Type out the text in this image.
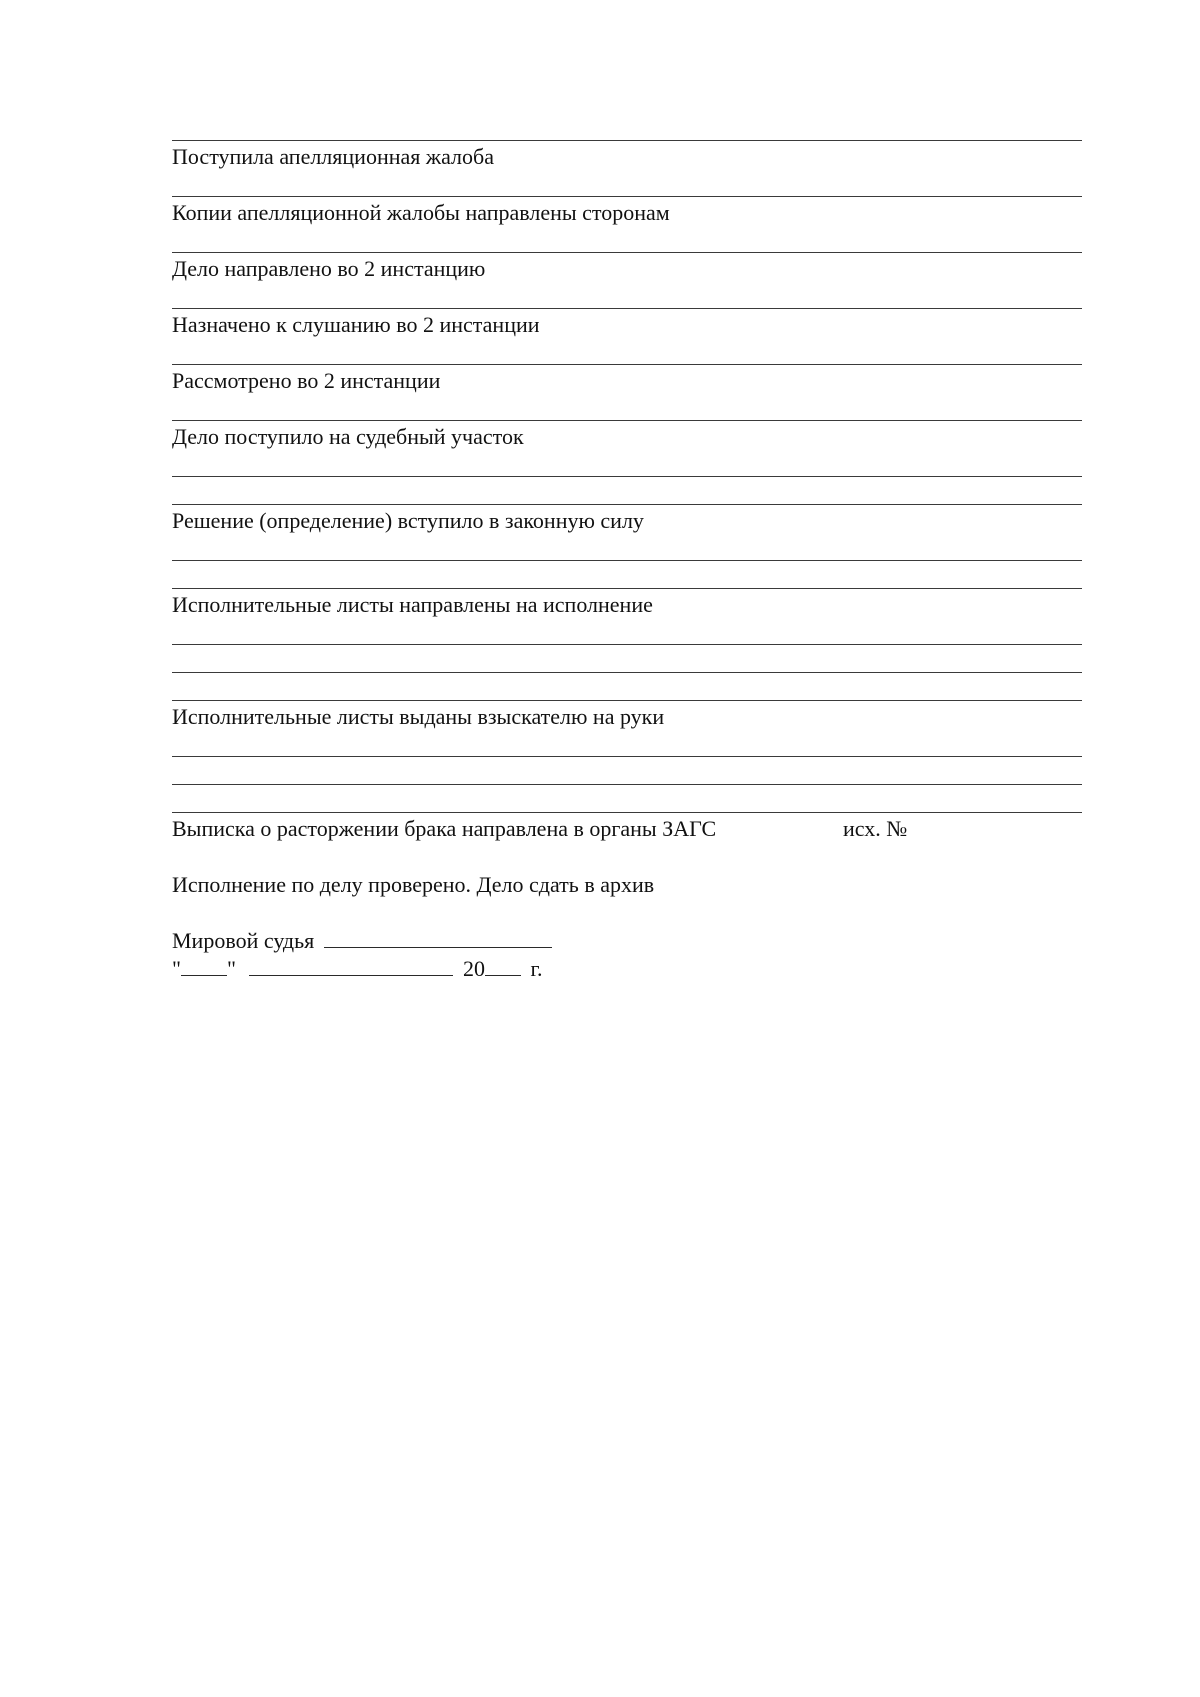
Поступила апелляционная жалоба
Копии апелляционной жалобы направлены сторонам
Дело направлено во 2 инстанцию
Назначено к слушанию во 2 инстанции
Рассмотрено во 2 инстанции
Дело поступило на судебный участок
Решение (определение) вступило в законную силу
Исполнительные листы направлены на исполнение
Исполнительные листы выданы взыскателю на руки
Выписка о расторжении брака направлена в органы ЗАГС	исх. №
Исполнение по делу проверено. Дело сдать в архив
Мировой судья
" "	20 г.
